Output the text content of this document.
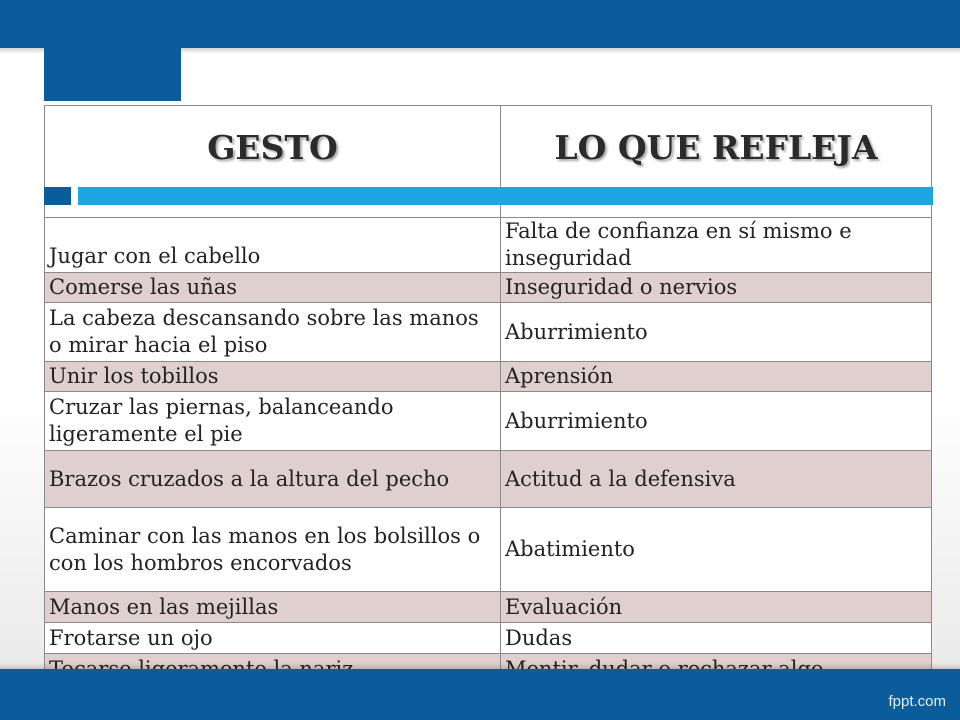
GESTO	LO QUE REFLEJA
Jugar con el cabello	Falta de confianza en sí mismo e inseguridad
Comerse las uñas	Inseguridad o nervios
La cabeza descansando sobre las manos o mirar hacia el piso	Aburrimiento
Unir los tobillos	Aprensión
Cruzar las piernas, balanceando ligeramente el pie	Aburrimiento
Brazos cruzados a la altura del pecho	Actitud a la defensiva
Caminar con las manos en los bolsillos o con los hombros encorvados	Abatimiento
Manos en las mejillas	Evaluación
Frotarse un ojo	Dudas

fppt.com
